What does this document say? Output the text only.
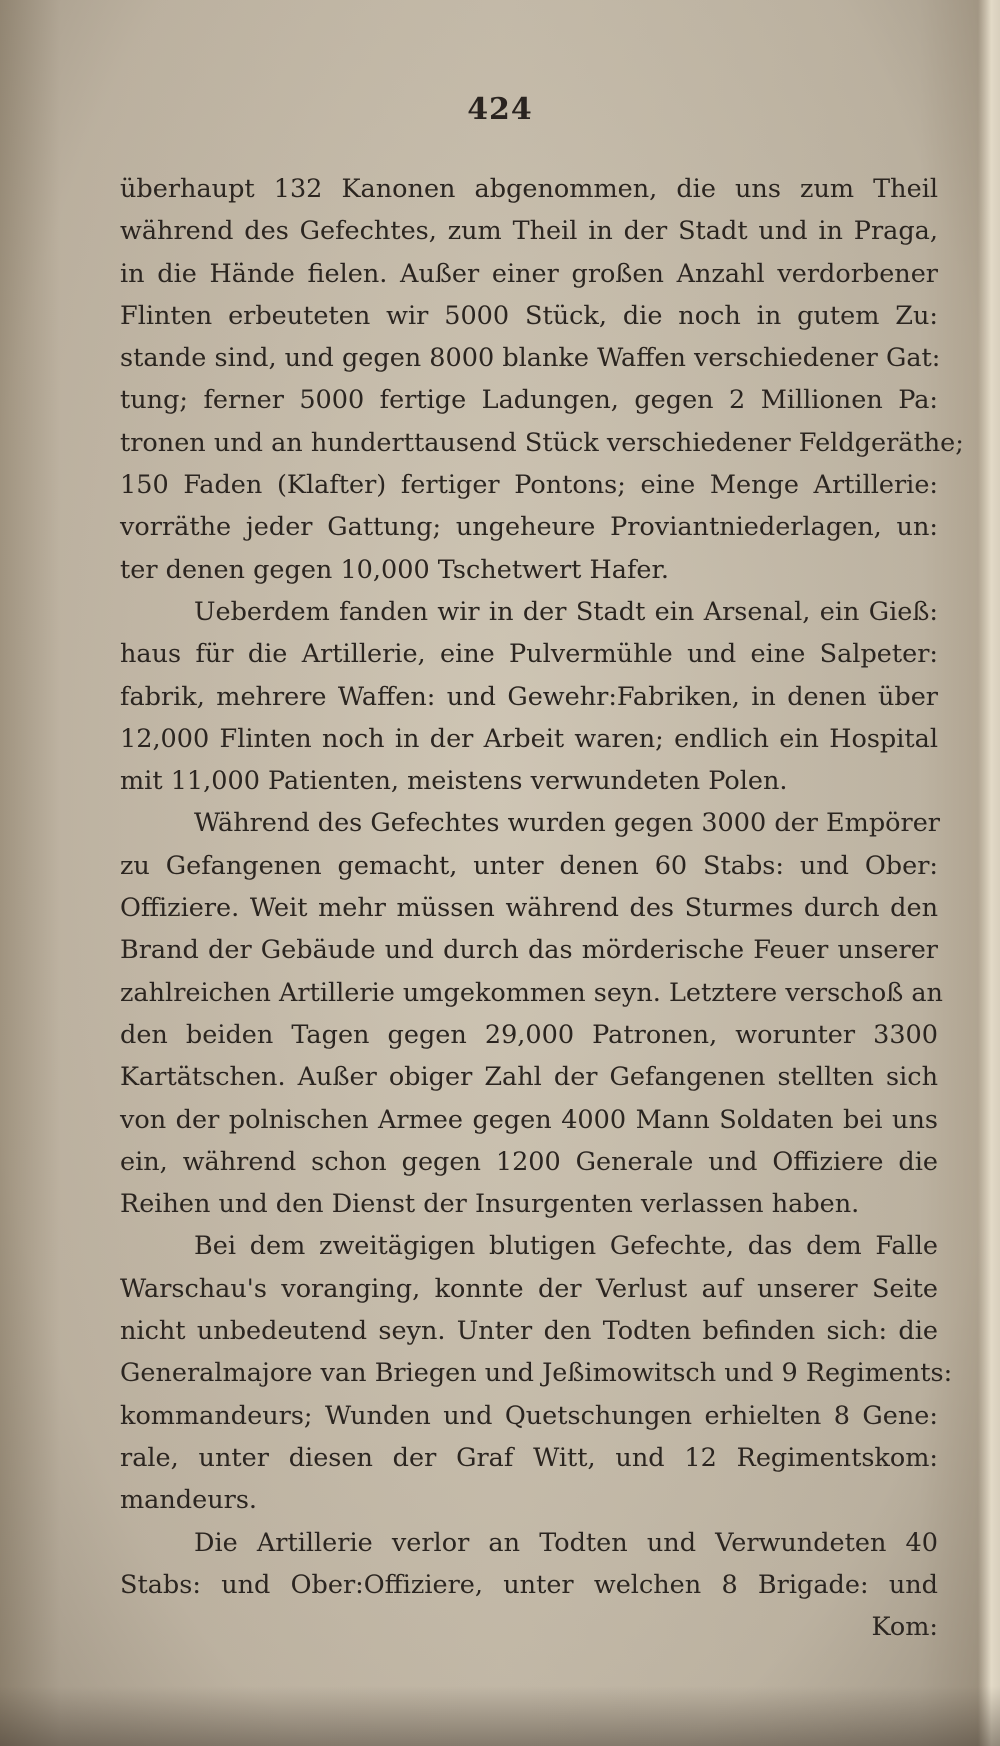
424
überhaupt 132 Kanonen abgenommen, die uns zum Theil
während des Gefechtes, zum Theil in der Stadt und in Praga,
in die Hände fielen. Außer einer großen Anzahl verdorbener
Flinten erbeuteten wir 5000 Stück, die noch in gutem Zu:
stande sind, und gegen 8000 blanke Waffen verschiedener Gat:
tung; ferner 5000 fertige Ladungen, gegen 2 Millionen Pa:
tronen und an hunderttausend Stück verschiedener Feldgeräthe;
150 Faden (Klafter) fertiger Pontons; eine Menge Artillerie:
vorräthe jeder Gattung; ungeheure Proviantniederlagen, un:
ter denen gegen 10,000 Tschetwert Hafer.
Ueberdem fanden wir in der Stadt ein Arsenal, ein Gieß:
haus für die Artillerie, eine Pulvermühle und eine Salpeter:
fabrik, mehrere Waffen: und Gewehr:Fabriken, in denen über
12,000 Flinten noch in der Arbeit waren; endlich ein Hospital
mit 11,000 Patienten, meistens verwundeten Polen.
Während des Gefechtes wurden gegen 3000 der Empörer
zu Gefangenen gemacht, unter denen 60 Stabs: und Ober:
Offiziere. Weit mehr müssen während des Sturmes durch den
Brand der Gebäude und durch das mörderische Feuer unserer
zahlreichen Artillerie umgekommen seyn. Letztere verschoß an
den beiden Tagen gegen 29,000 Patronen, worunter 3300
Kartätschen. Außer obiger Zahl der Gefangenen stellten sich
von der polnischen Armee gegen 4000 Mann Soldaten bei uns
ein, während schon gegen 1200 Generale und Offiziere die
Reihen und den Dienst der Insurgenten verlassen haben.
Bei dem zweitägigen blutigen Gefechte, das dem Falle
Warschau's voranging, konnte der Verlust auf unserer Seite
nicht unbedeutend seyn. Unter den Todten befinden sich: die
Generalmajore van Briegen und Jeßimowitsch und 9 Regiments:
kommandeurs; Wunden und Quetschungen erhielten 8 Gene:
rale, unter diesen der Graf Witt, und 12 Regimentskom:
mandeurs.
Die Artillerie verlor an Todten und Verwundeten 40
Stabs: und Ober:Offiziere, unter welchen 8 Brigade: und
Kom:
